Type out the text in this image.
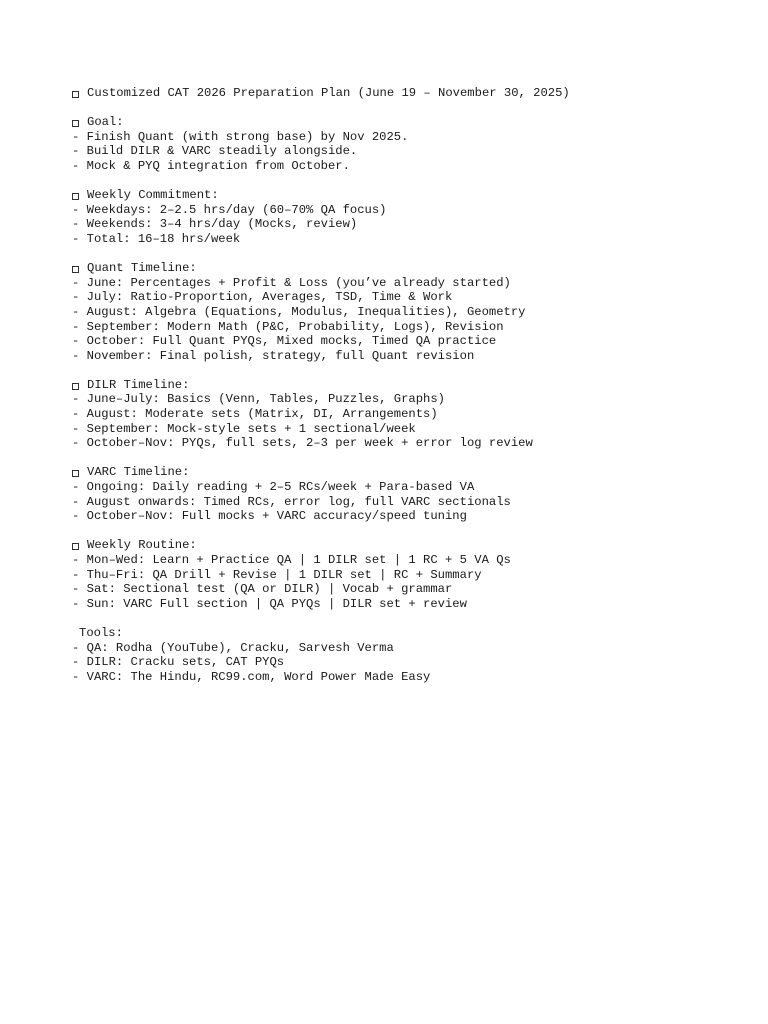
Customized CAT 2026 Preparation Plan (June 19 – November 30, 2025)
Goal:
- Finish Quant (with strong base) by Nov 2025.
- Build DILR & VARC steadily alongside.
- Mock & PYQ integration from October.
Weekly Commitment:
- Weekdays: 2–2.5 hrs/day (60–70% QA focus)
- Weekends: 3–4 hrs/day (Mocks, review)
- Total: 16–18 hrs/week
Quant Timeline:
- June: Percentages + Profit & Loss (you’ve already started)
- July: Ratio-Proportion, Averages, TSD, Time & Work
- August: Algebra (Equations, Modulus, Inequalities), Geometry
- September: Modern Math (P&C, Probability, Logs), Revision
- October: Full Quant PYQs, Mixed mocks, Timed QA practice
- November: Final polish, strategy, full Quant revision
DILR Timeline:
- June–July: Basics (Venn, Tables, Puzzles, Graphs)
- August: Moderate sets (Matrix, DI, Arrangements)
- September: Mock-style sets + 1 sectional/week
- October–Nov: PYQs, full sets, 2–3 per week + error log review
VARC Timeline:
- Ongoing: Daily reading + 2–5 RCs/week + Para-based VA
- August onwards: Timed RCs, error log, full VARC sectionals
- October–Nov: Full mocks + VARC accuracy/speed tuning
Weekly Routine:
- Mon–Wed: Learn + Practice QA | 1 DILR set | 1 RC + 5 VA Qs
- Thu–Fri: QA Drill + Revise | 1 DILR set | RC + Summary
- Sat: Sectional test (QA or DILR) | Vocab + grammar
- Sun: VARC Full section | QA PYQs | DILR set + review
Tools:
- QA: Rodha (YouTube), Cracku, Sarvesh Verma
- DILR: Cracku sets, CAT PYQs
- VARC: The Hindu, RC99.com, Word Power Made Easy
